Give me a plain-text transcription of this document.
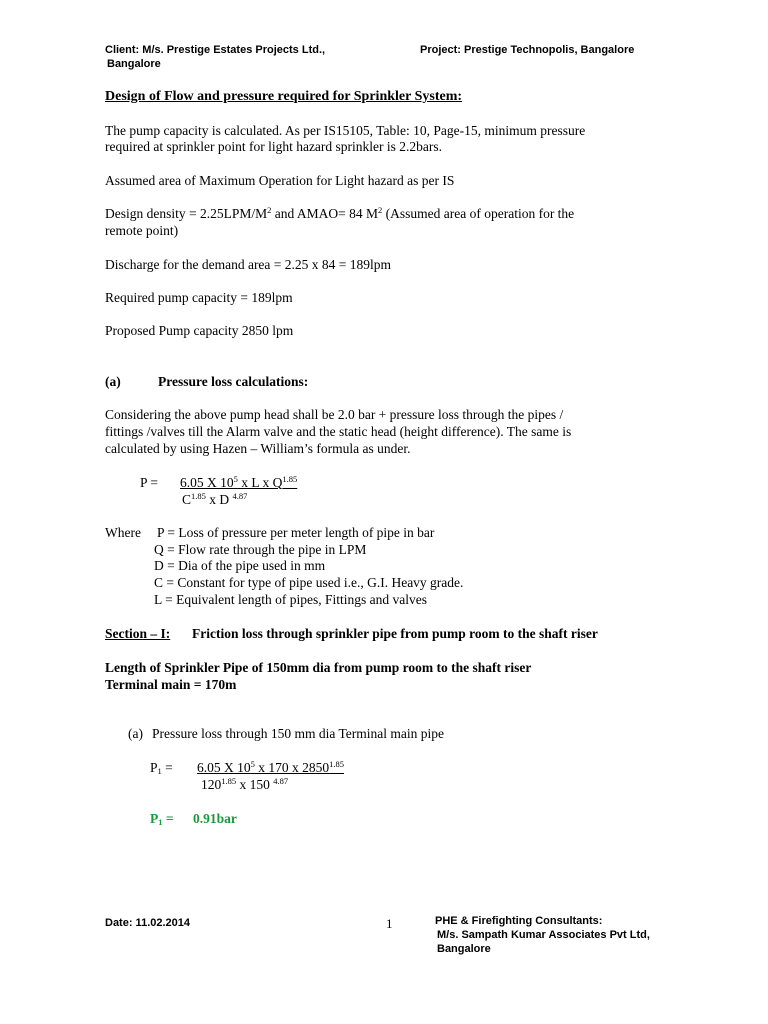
Client: M/s. Prestige Estates Projects Ltd.,
Bangalore
Project: Prestige Technopolis, Bangalore
Design of Flow and pressure required for Sprinkler System:
The pump capacity is calculated. As per IS15105, Table: 10, Page-15, minimum pressure
required at sprinkler point for light hazard sprinkler is 2.2bars.
Assumed area of Maximum Operation for Light hazard as per IS
Design density = $2.25LPM/M^2$ and AMAO= 84 $M^2$ (Assumed area of operation for the
remote point)
Discharge for the demand area = 2.25 x 84 = 189lpm
Required pump capacity = 189lpm
Proposed Pump capacity 2850 lpm
(a)	Pressure loss calculations:
Considering the above pump head shall be 2.0 bar + pressure loss through the pipes /
fittings /valves till the Alarm valve and the static head (height difference). The same is
calculated by using Hazen – William’s formula as under.
P = 6.05 X $10^5$ x L x $Q^{1.85}$
$C^{1.85}$ x D $^{4.87}$
Where P = Loss of pressure per meter length of pipe in bar
Q = Flow rate through the pipe in LPM
D = Dia of the pipe used in mm
C = Constant for type of pipe used i.e., G.I. Heavy grade.
L = Equivalent length of pipes, Fittings and valves
Section – I: Friction loss through sprinkler pipe from pump room to the shaft riser
Length of Sprinkler Pipe of 150mm dia from pump room to the shaft riser
Terminal main = 170m
(a) Pressure loss through 150 mm dia Terminal main pipe
$P_1 = 6.05$ X $10^5$ x 170 x $2850^{1.85}$
$120^{1.85}$ x 150 $^{4.87}$
$P_1 = 0.91bar$
Date: 11.02.2014	1	PHE & Firefighting Consultants:
M/s. Sampath Kumar Associates Pvt Ltd,
Bangalore
